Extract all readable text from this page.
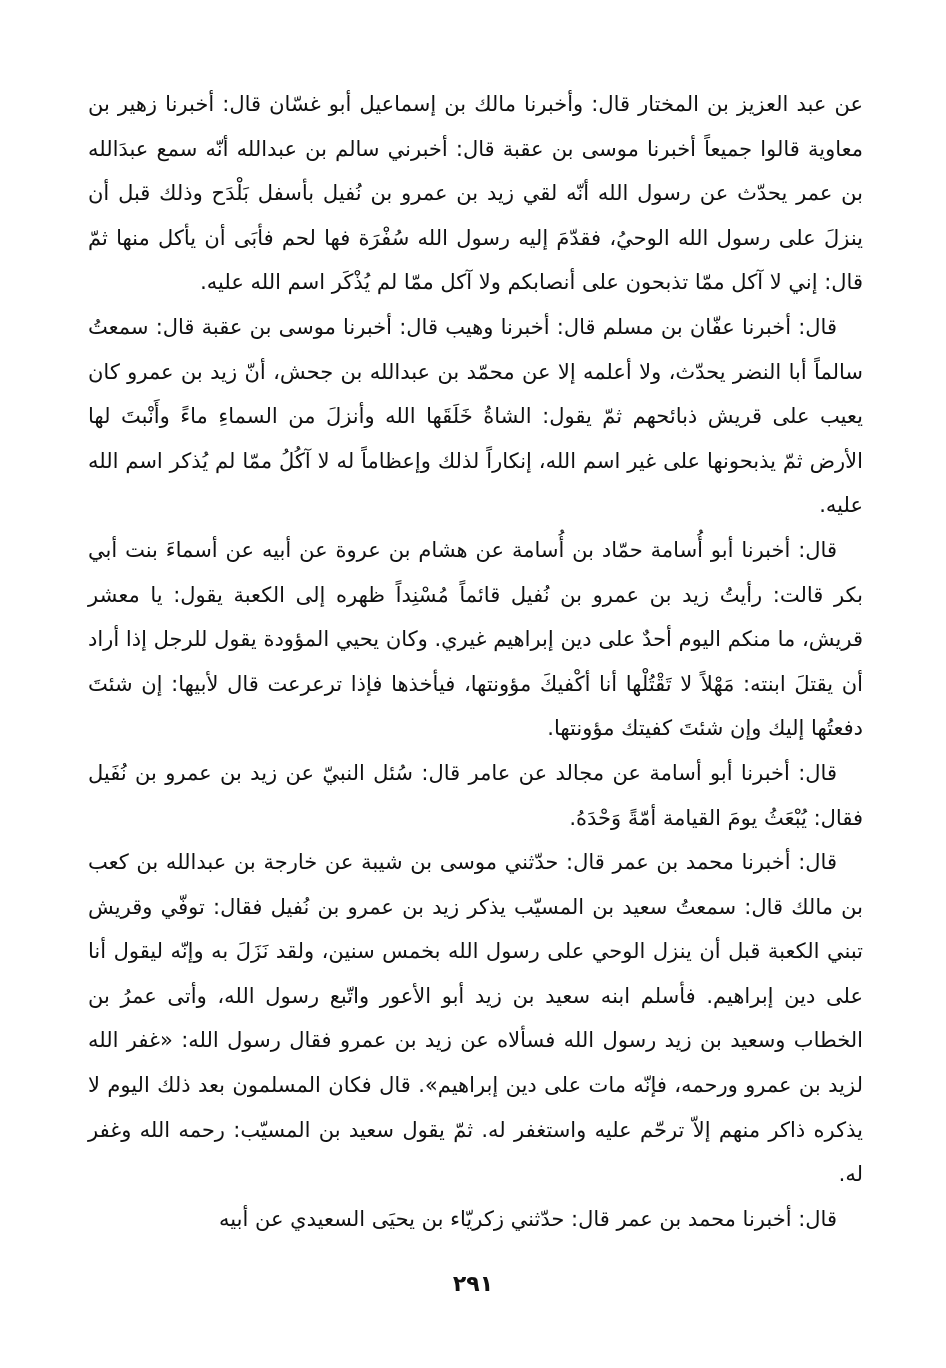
عن عبد العزيز بن المختار قال: وأخبرنا مالك بن إسماعيل أبو غسّان قال: أخبرنا زهير بن معاوية قالوا جميعاً أخبرنا موسى بن عقبة قال: أخبرني سالم بن عبدالله أنّه سمع عبدَالله بن عمر يحدّث عن رسول الله أنّه لقي زيد بن عمرو بن نُفيل بأسفل بَلْدَح وذلك قبل أن ينزلَ على رسول الله الوحيُ، فقدّمَ إليه رسول الله سُفْرَة فها لحم فأبَى أن يأكل منها ثمّ قال: إني لا آكل ممّا تذبحون على أنصابكم ولا آكل ممّا لم يُذْكَر اسم الله عليه.

قال: أخبرنا عفّان بن مسلم قال: أخبرنا وهيب قال: أخبرنا موسى بن عقبة قال: سمعتُ سالماً أبا النضر يحدّث، ولا أعلمه إلا عن محمّد بن عبدالله بن جحش، أنّ زيد بن عمرو كان يعيب على قريش ذبائحهم ثمّ يقول: الشاةُ خَلَقَها الله وأنزلَ من السماءِ ماءً وأَنْبتَ لها الأرض ثمّ يذبحونها على غير اسم الله، إنكاراً لذلك وإعظاماً له لا آكُلُ ممّا لم يُذكر اسم الله عليه.

قال: أخبرنا أبو أُسامة حمّاد بن أُسامة عن هشام بن عروة عن أبيه عن أسماءَ بنت أبي بكر قالت: رأيتُ زيد بن عمرو بن نُفيل قائماً مُسْنِداً ظهره إلى الكعبة يقول: يا معشر قريش، ما منكم اليوم أحدٌ على دين إبراهيم غيري. وكان يحيي المؤودة يقول للرجل إذا أراد أن يقتلَ ابنته: مَهْلاً لا تَقْتُلْها أنا أكْفيكَ مؤونتها، فيأخذها فإذا ترعرعت قال لأبيها: إن شئتَ دفعتُها إليك وإن شئتَ كفيتك مؤونتها.

قال: أخبرنا أبو أسامة عن مجالد عن عامر قال: سُئل النبيّ عن زيد بن عمرو بن نُفَيل فقال: يُبْعَثُ يومَ القيامة أمّةً وَحْدَهُ.

قال: أخبرنا محمد بن عمر قال: حدّثني موسى بن شيبة عن خارجة بن عبدالله بن كعب بن مالك قال: سمعتُ سعيد بن المسيّب يذكر زيد بن عمرو بن نُفيل فقال: توفّي وقريش تبني الكعبة قبل أن ينزل الوحي على رسول الله بخمس سنين، ولقد نَزَلَ به وإنّه ليقول أنا على دين إبراهيم. فأسلم ابنه سعيد بن زيد أبو الأعور واتّبع رسول الله، وأتى عمرُ بن الخطاب وسعيد بن زيد رسول الله فسألاه عن زيد بن عمرو فقال رسول الله: «غفر الله لزيد بن عمرو ورحمه، فإنّه مات على دين إبراهيم». قال فكان المسلمون بعد ذلك اليوم لا يذكره ذاكر منهم إلاّ ترحّم عليه واستغفر له. ثمّ يقول سعيد بن المسيّب: رحمه الله وغفر له.

قال: أخبرنا محمد بن عمر قال: حدّثني زكريّاء بن يحيَى السعيدي عن أبيه

٢٩١
